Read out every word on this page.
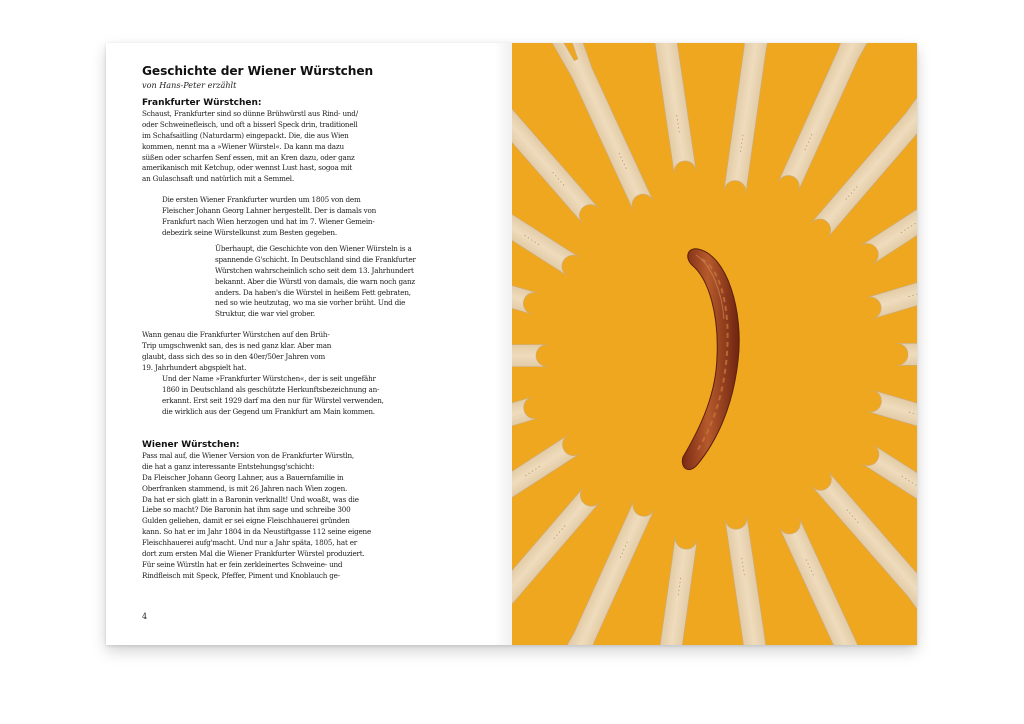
Geschichte der Wiener Würstchen
von Hans-Peter erzählt
Frankfurter Würstchen:
Schaust, Frankfurter sind so dünne Brühwürstl aus Rind- und/
oder Schweinefleisch, und oft a bisserl Speck drin, traditionell
im Schafsaitling (Naturdarm) eingepackt. Die, die aus Wien
kommen, nennt ma a »Wiener Würstel«. Da kann ma dazu
süßen oder scharfen Senf essen, mit an Kren dazu, oder ganz
amerikanisch mit Ketchup, oder wennst Lust hast, sogoa mit
an Gulaschsaft und natürlich mit a Semmel.
Die ersten Wiener Frankfurter wurden um 1805 von dem
Fleischer Johann Georg Lahner hergestellt. Der is damals von
Frankfurt nach Wien herzogen und hat im 7. Wiener Gemein-
debezirk seine Würstelkunst zum Besten gegeben.
Überhaupt, die Geschichte von den Wiener Würsteln is a
spannende G'schicht. In Deutschland sind die Frankfurter
Würstchen wahrscheinlich scho seit dem 13. Jahrhundert
bekannt. Aber die Würstl von damals, die warn noch ganz
anders. Da haben's die Würstel in heißem Fett gebraten,
ned so wie heutzutag, wo ma sie vorher brüht. Und die
Struktur, die war viel grober.
Wann genau die Frankfurter Würstchen auf den Brüh-
Trip umgschwenkt san, des is ned ganz klar. Aber man
glaubt, dass sich des so in den 40er/50er Jahren vom
19. Jahrhundert abgspielt hat.
Und der Name »Frankfurter Würstchen«, der is seit ungefähr
1860 in Deutschland als geschützte Herkunftsbezeichnung an-
erkannt. Erst seit 1929 darf ma den nur für Würstel verwenden,
die wirklich aus der Gegend um Frankfurt am Main kommen.
Wiener Würstchen:
Pass mal auf, die Wiener Version von de Frankfurter Würstln,
die hat a ganz interessante Entstehungsg'schicht:
Da Fleischer Johann Georg Lahner, aus a Bauernfamilie in
Oberfranken stammend, is mit 26 Jahren nach Wien zogen.
Da hat er sich glatt in a Baronin verknallt! Und woaßt, was die
Liebe so macht? Die Baronin hat ihm sage und schreibe 300
Gulden geliehen, damit er sei eigne Fleischhauerei gründen
kann. So hat er im Jahr 1804 in da Neustiftgasse 112 seine eigene
Fleischhauerei aufg'macht. Und nur a Jahr späta, 1805, hat er
dort zum ersten Mal die Wiener Frankfurter Würstel produziert.
Für seine Würstln hat er fein zerkleinertes Schweine- und
Rindfleisch mit Speck, Pfeffer, Piment und Knoblauch ge-
4
